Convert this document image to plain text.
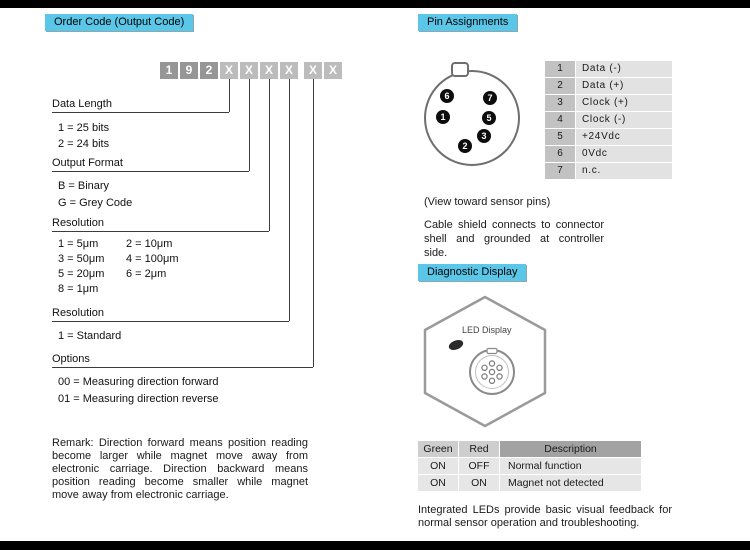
Order Code (Output Code)
1	9	2	X X X X	X X
Data Length
1 = 25 bits
2 = 24 bits
Output Format
B = Binary
G = Grey Code
Resolution
1 = 5μm	2 = 10μm
3 = 50μm 4 = 100μm
5 = 20μm 6 = 2μm
8 = 1μm
Resolution
1 = Standard
Options
00 = Measuring direction forward
01 = Measuring direction reverse
Remark: Direction forward means position reading become larger while magnet move away from electronic carriage. Direction backward means position reading become smaller while magnet move away from electronic carriage.
Pin Assignments
6	7
1	5
3
2
1	Data (-)
2	Data (+)
3	Clock (+)
4	Clock (-)
5	+24Vdc
6	0Vdc
7	n.c.
(View toward sensor pins)
Cable shield connects to connector shell and grounded at controller side.
Diagnostic Display
LED Display
Green	Red	Description
ON	OFF	Normal function
ON	ON	Magnet not detected
Integrated LEDs provide basic visual feedback for normal sensor operation and troubleshooting.
